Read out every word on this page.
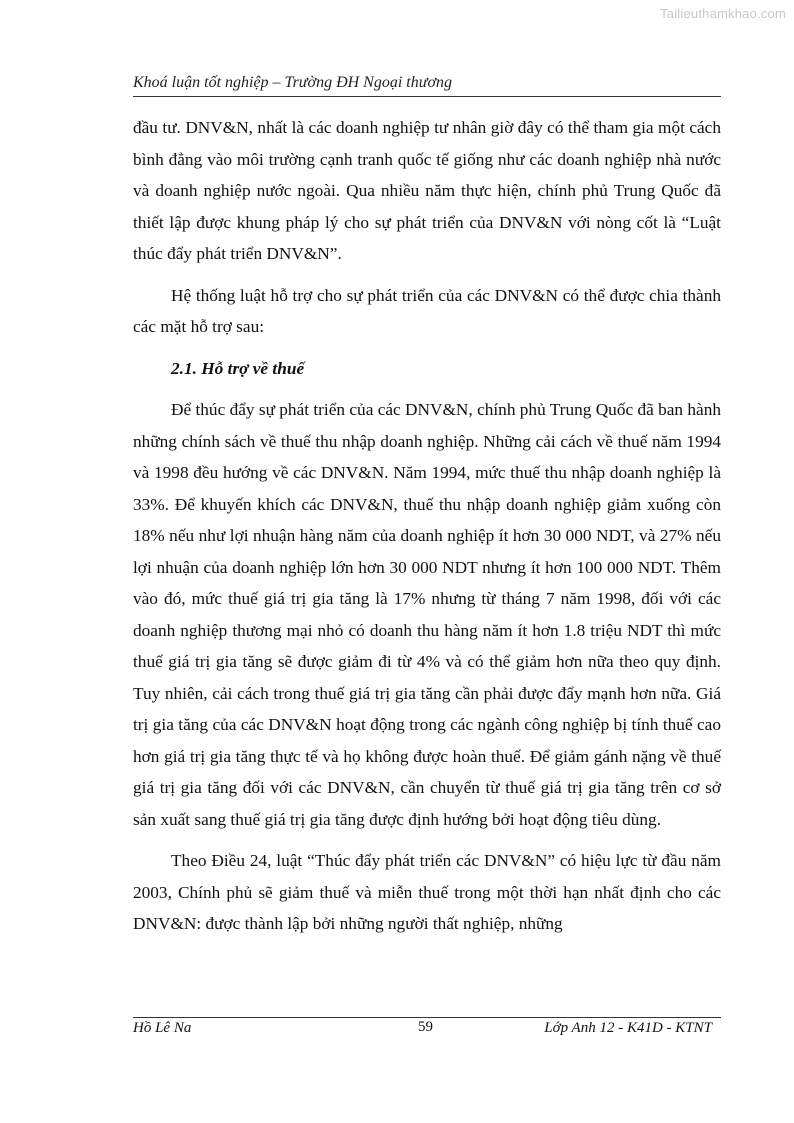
Tailieuthamkhao.com
Khoá luận tốt nghiệp – Trường ĐH Ngoại thương

đầu tư. DNV&N, nhất là các doanh nghiệp tư nhân giờ đây có thể tham gia một cách bình đẳng vào môi trường cạnh tranh quốc tế giống như các doanh nghiệp nhà nước và doanh nghiệp nước ngoài. Qua nhiều năm thực hiện, chính phủ Trung Quốc đã thiết lập được khung pháp lý cho sự phát triển của DNV&N với nòng cốt là “Luật thúc đẩy phát triển DNV&N”.

Hệ thống luật hỗ trợ cho sự phát triển của các DNV&N có thể được chia thành các mặt hỗ trợ sau:

2.1. Hỗ trợ về thuế

Để thúc đẩy sự phát triển của các DNV&N, chính phủ Trung Quốc đã ban hành những chính sách về thuế thu nhập doanh nghiệp. Những cải cách về thuế năm 1994 và 1998 đều hướng về các DNV&N. Năm 1994, mức thuế thu nhập doanh nghiệp là 33%. Để khuyến khích các DNV&N, thuế thu nhập doanh nghiệp giảm xuống còn 18% nếu như lợi nhuận hàng năm của doanh nghiệp ít hơn 30 000 NDT, và 27% nếu lợi nhuận của doanh nghiệp lớn hơn 30 000 NDT nhưng ít hơn 100 000 NDT. Thêm vào đó, mức thuế giá trị gia tăng là 17% nhưng từ tháng 7 năm 1998, đối với các doanh nghiệp thương mại nhỏ có doanh thu hàng năm ít hơn 1.8 triệu NDT thì mức thuế giá trị gia tăng sẽ được giảm đi từ 4% và có thể giảm hơn nữa theo quy định. Tuy nhiên, cải cách trong thuế giá trị gia tăng cần phải được đẩy mạnh hơn nữa. Giá trị gia tăng của các DNV&N hoạt động trong các ngành công nghiệp bị tính thuế cao hơn giá trị gia tăng thực tế và họ không được hoàn thuế. Để giảm gánh nặng về thuế giá trị gia tăng đối với các DNV&N, cần chuyển từ thuế giá trị gia tăng trên cơ sở sản xuất sang thuế giá trị gia tăng được định hướng bởi hoạt động tiêu dùng.

Theo Điều 24, luật “Thúc đẩy phát triển các DNV&N” có hiệu lực từ đầu năm 2003, Chính phủ sẽ giảm thuế và miễn thuế trong một thời hạn nhất định cho các DNV&N: được thành lập bởi những người thất nghiệp, những

Hồ Lê Na	59	Lớp Anh 12 - K41D - KTNT
